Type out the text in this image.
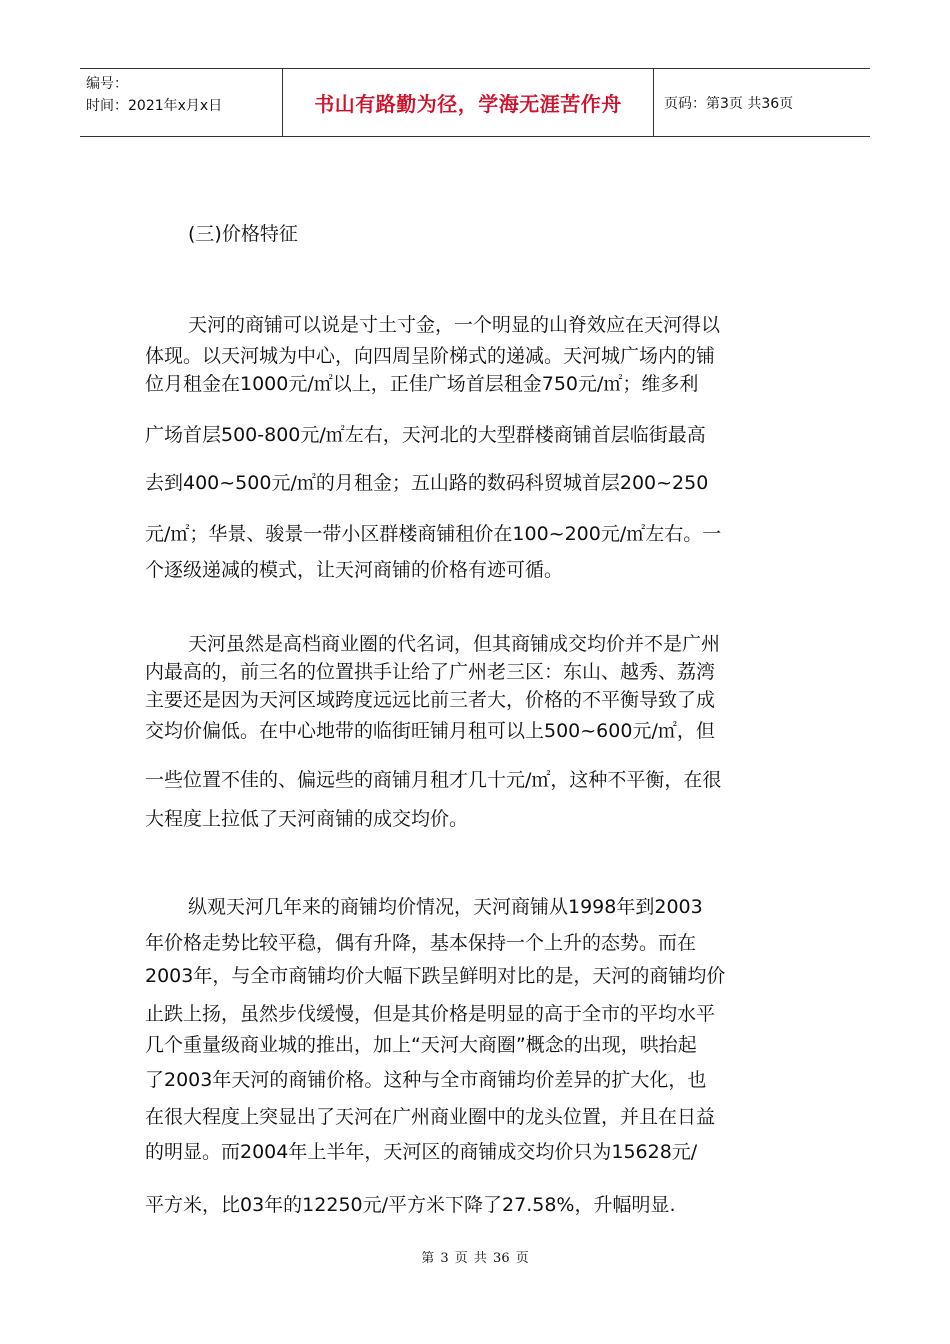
编号：
时间：2021年x月x日	书山有路勤为径，学海无涯苦作舟	页码：第3页 共36页
(三)价格特征
天河的商铺可以说是寸土寸金，一个明显的山脊效应在天河得以
体现。以天河城为中心，向四周呈阶梯式的递减。天河城广场内的铺
位月租金在1000元/㎡以上，正佳广场首层租金750元/㎡；维多利
广场首层500-800元/㎡左右，天河北的大型群楼商铺首层临街最高
去到400~500元/㎡的月租金；五山路的数码科贸城首层200~250
元/㎡；华景、骏景一带小区群楼商铺租价在100~200元/㎡左右。一
个逐级递减的模式，让天河商铺的价格有迹可循。
天河虽然是高档商业圈的代名词，但其商铺成交均价并不是广州
内最高的，前三名的位置拱手让给了广州老三区：东山、越秀、荔湾
主要还是因为天河区域跨度远远比前三者大，价格的不平衡导致了成
交均价偏低。在中心地带的临街旺铺月租可以上500~600元/㎡，但
一些位置不佳的、偏远些的商铺月租才几十元/㎡，这种不平衡，在很
大程度上拉低了天河商铺的成交均价。
纵观天河几年来的商铺均价情况，天河商铺从1998年到2003
年价格走势比较平稳，偶有升降，基本保持一个上升的态势。而在
2003年，与全市商铺均价大幅下跌呈鲜明对比的是，天河的商铺均价
止跌上扬，虽然步伐缓慢，但是其价格是明显的高于全市的平均水平
几个重量级商业城的推出，加上“天河大商圈”概念的出现，哄抬起
了2003年天河的商铺价格。这种与全市商铺均价差异的扩大化，也
在很大程度上突显出了天河在广州商业圈中的龙头位置，并且在日益
的明显。而2004年上半年，天河区的商铺成交均价只为15628元/
平方米，比03年的12250元/平方米下降了27.58%，升幅明显.
第 3 页 共 36 页
